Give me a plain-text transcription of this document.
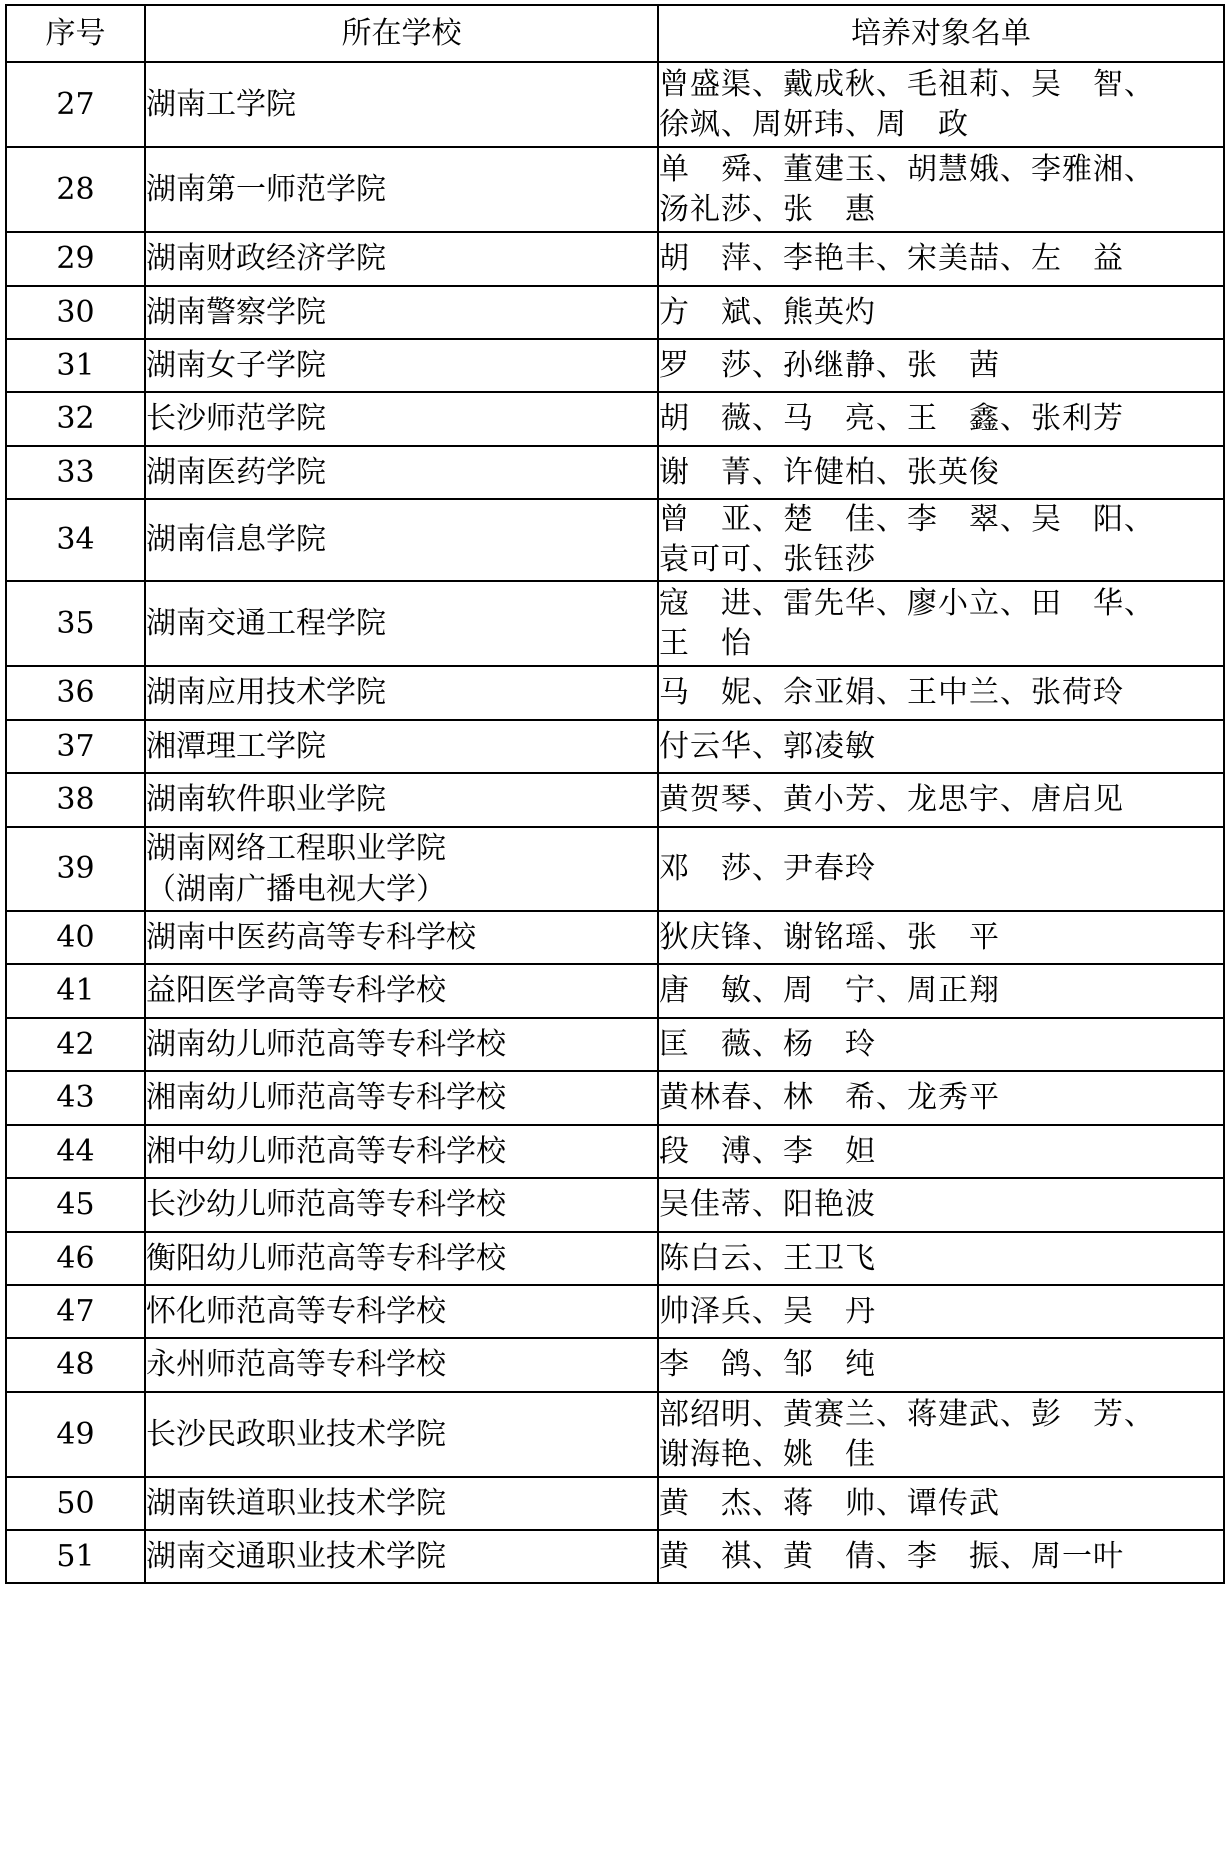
序号	所在学校	培养对象名单
27	湖南工学院	曾盛渠、戴成秋、毛祖莉、吴　智、
徐飒、周妍玮、周　政

28	湖南第一师范学院	单　舜、董建玉、胡慧娥、李雅湘、
汤礼莎、张　惠

29	湖南财政经济学院	胡　萍、李艳丰、宋美喆、左　益

30	湖南警察学院	方　斌、熊英灼

31	湖南女子学院	罗　莎、孙继静、张　茜

32	长沙师范学院	胡　薇、马　亮、王　鑫、张利芳

33	湖南医药学院	谢　菁、许健柏、张英俊

34	湖南信息学院	曾　亚、楚　佳、李　翠、吴　阳、
袁可可、张钰莎

35	湖南交通工程学院	寇　进、雷先华、廖小立、田　华、
王　怡

36	湖南应用技术学院	马　妮、佘亚娟、王中兰、张荷玲

37	湘潭理工学院	付云华、郭凌敏

38	湖南软件职业学院	黄贺琴、黄小芳、龙思宇、唐启见

39	湖南网络工程职业学院
（湖南广播电视大学）	邓　莎、尹春玲

40	湖南中医药高等专科学校	狄庆锋、谢铭瑶、张　平

41	益阳医学高等专科学校	唐　敏、周　宁、周正翔

42	湖南幼儿师范高等专科学校	匡　薇、杨　玲

43	湘南幼儿师范高等专科学校	黄林春、林　希、龙秀平

44	湘中幼儿师范高等专科学校	段　溥、李　妲

45	长沙幼儿师范高等专科学校	吴佳蒂、阳艳波

46	衡阳幼儿师范高等专科学校	陈白云、王卫飞

47	怀化师范高等专科学校	帅泽兵、吴　丹

48	永州师范高等专科学校	李　鸽、邹　纯

49	长沙民政职业技术学院	部绍明、黄赛兰、蒋建武、彭　芳、
谢海艳、姚　佳

50	湖南铁道职业技术学院	黄　杰、蒋　帅、谭传武

51	湖南交通职业技术学院	黄　祺、黄　倩、李　振、周一叶
